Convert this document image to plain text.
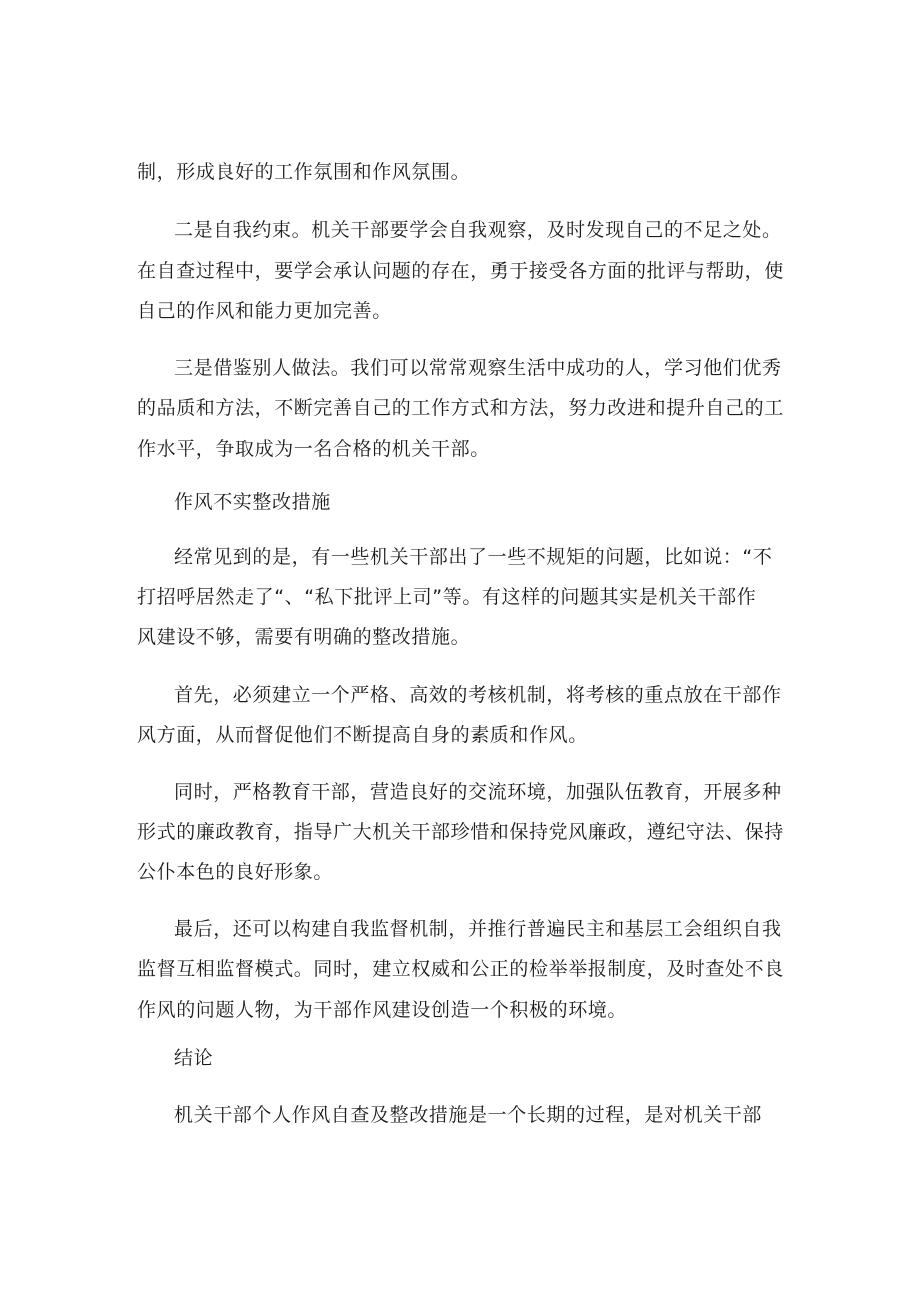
制，形成良好的工作氛围和作风氛围。
二是自我约束。机关干部要学会自我观察，及时发现自己的不足之处。
在自查过程中，要学会承认问题的存在，勇于接受各方面的批评与帮助，使
自己的作风和能力更加完善。
三是借鉴别人做法。我们可以常常观察生活中成功的人，学习他们优秀
的品质和方法，不断完善自己的工作方式和方法，努力改进和提升自己的工
作水平，争取成为一名合格的机关干部。
作风不实整改措施
经常见到的是，有一些机关干部出了一些不规矩的问题，比如说：“不
打招呼居然走了“、“私下批评上司”等。有这样的问题其实是机关干部作
风建设不够，需要有明确的整改措施。
首先，必须建立一个严格、高效的考核机制，将考核的重点放在干部作
风方面，从而督促他们不断提高自身的素质和作风。
同时，严格教育干部，营造良好的交流环境，加强队伍教育，开展多种
形式的廉政教育，指导广大机关干部珍惜和保持党风廉政，遵纪守法、保持
公仆本色的良好形象。
最后，还可以构建自我监督机制，并推行普遍民主和基层工会组织自我
监督互相监督模式。同时，建立权威和公正的检举举报制度，及时查处不良
作风的问题人物，为干部作风建设创造一个积极的环境。
结论
机关干部个人作风自查及整改措施是一个长期的过程，是对机关干部
